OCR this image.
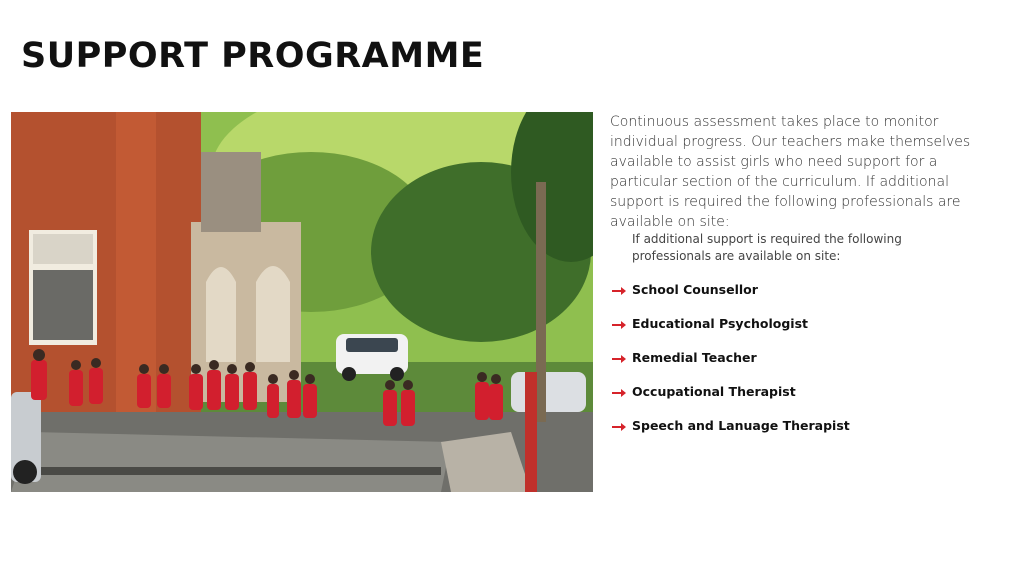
SUPPORT PROGRAMME

Continuous assessment takes place to monitor individual progress. Our teachers make themselves available to assist girls who need support for a particular section of the curriculum. If additional support is required the following professionals are available on site:

If additional support is required the following professionals are available on site:

School Counsellor
Educational Psychologist
Remedial Teacher
Occupational Therapist
Speech and Lanuage Therapist
